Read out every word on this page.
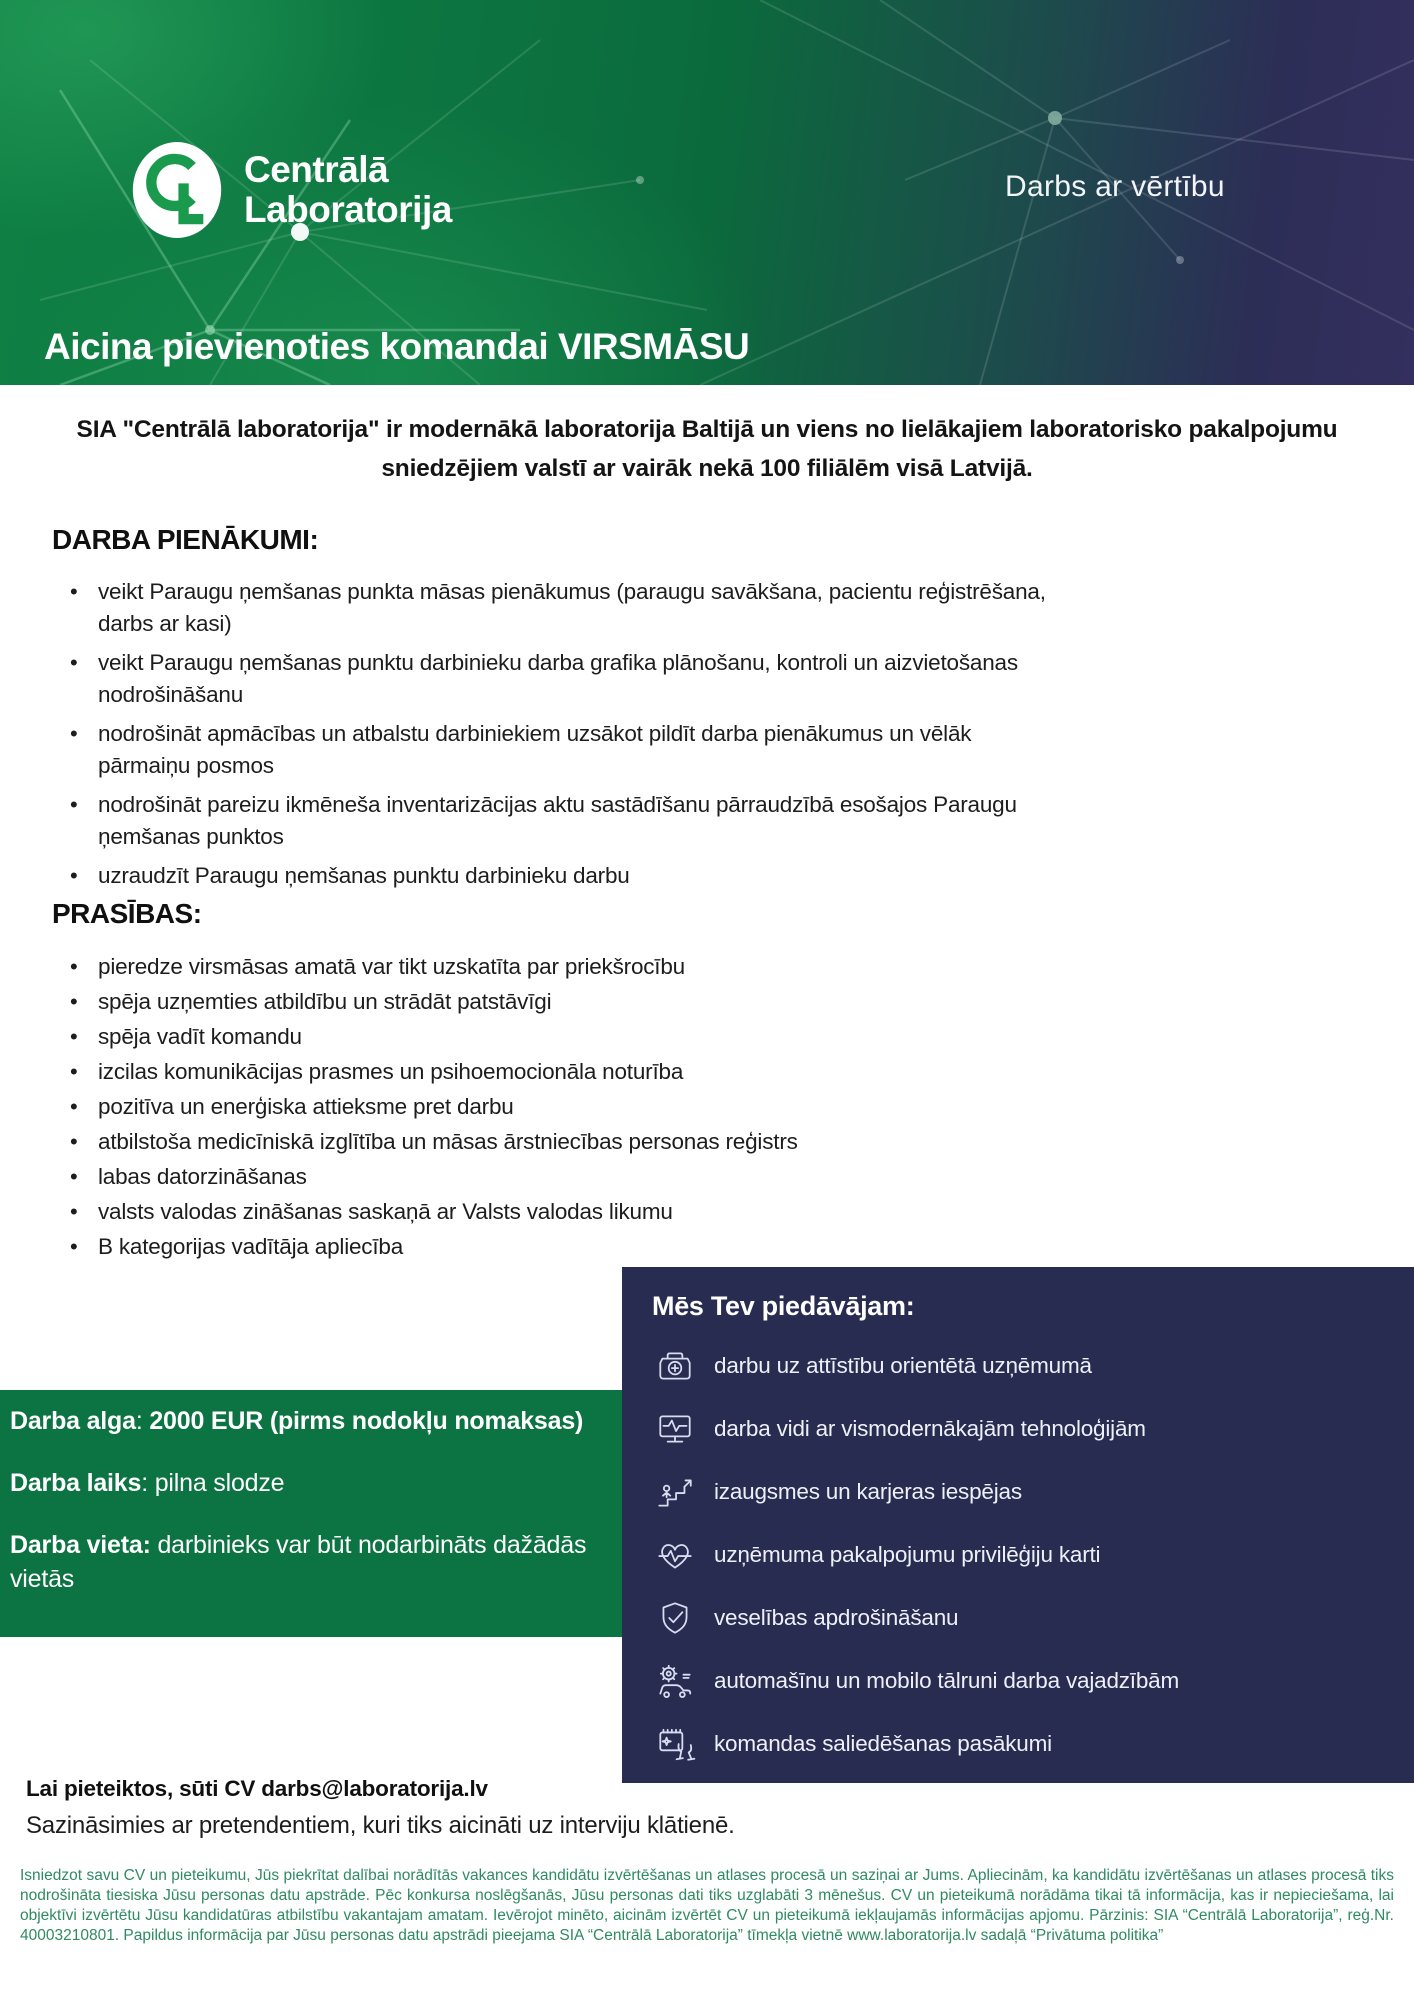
Centrālā
Laboratorija
Darbs ar vērtību
Aicina pievienoties komandai VIRSMĀSU

SIA "Centrālā laboratorija" ir modernākā laboratorija Baltijā un viens no lielākajiem laboratorisko pakalpojumu sniedzējiem valstī ar vairāk nekā 100 filiālēm visā Latvijā.

DARBA PIENĀKUMI:
• veikt Paraugu ņemšanas punkta māsas pienākumus (paraugu savākšana, pacientu reģistrēšana, darbs ar kasi)
• veikt Paraugu ņemšanas punktu darbinieku darba grafika plānošanu, kontroli un aizvietošanas nodrošināšanu
• nodrošināt apmācības un atbalstu darbiniekiem uzsākot pildīt darba pienākumus un vēlāk pārmaiņu posmos
• nodrošināt pareizu ikmēneša inventarizācijas aktu sastādīšanu pārraudzībā esošajos Paraugu ņemšanas punktos
• uzraudzīt Paraugu ņemšanas punktu darbinieku darbu
PRASĪBAS:
• pieredze virsmāsas amatā var tikt uzskatīta par priekšrocību
• spēja uzņemties atbildību un strādāt patstāvīgi
• spēja vadīt komandu
• izcilas komunikācijas prasmes un psihoemocionāla noturība
• pozitīva un enerģiska attieksme pret darbu
• atbilstoša medicīniskā izglītība un māsas ārstniecības personas reģistrs
• labas datorzināšanas
• valsts valodas zināšanas saskaņā ar Valsts valodas likumu
• B kategorijas vadītāja apliecība
Mēs Tev piedāvājam:
darbu uz attīstību orientētā uzņēmumā
darba vidi ar vismodernākajām tehnoloģijām
izaugsmes un karjeras iespējas
uzņēmuma pakalpojumu privilēģiju karti
veselības apdrošināšanu
automašīnu un mobilo tālruni darba vajadzībām
komandas saliedēšanas pasākumi
Darba alga: 2000 EUR (pirms nodokļu nomaksas)
Darba laiks: pilna slodze
Darba vieta: darbinieks var būt nodarbināts dažādās vietās

Lai pieteiktos, sūti CV darbs@laboratorija.lv

Sazināsimies ar pretendentiem, kuri tiks aicināti uz interviju klātienē.

Isniedzot savu CV un pieteikumu, Jūs piekrītat dalībai norādītās vakances kandidātu izvērtēšanas un atlases procesā un saziņai ar Jums. Apliecinām, ka kandidātu izvērtēšanas un atlases procesā tiks nodrošināta tiesiska Jūsu personas datu apstrāde. Pēc konkursa noslēgšanās, Jūsu personas dati tiks uzglabāti 3 mēnešus. CV un pieteikumā norādāma tikai tā informācija, kas ir nepieciešama, lai objektīvi izvērtētu Jūsu kandidatūras atbilstību vakantajam amatam. Ievērojot minēto, aicinām izvērtēt CV un pieteikumā iekļaujamās informācijas apjomu. Pārzinis: SIA “Centrālā Laboratorija”, reģ.Nr. 40003210801. Papildus informācija par Jūsu personas datu apstrādi pieejama SIA “Centrālā Laboratorija” tīmekļa vietnē www.laboratorija.lv sadaļā “Privātuma politika”
